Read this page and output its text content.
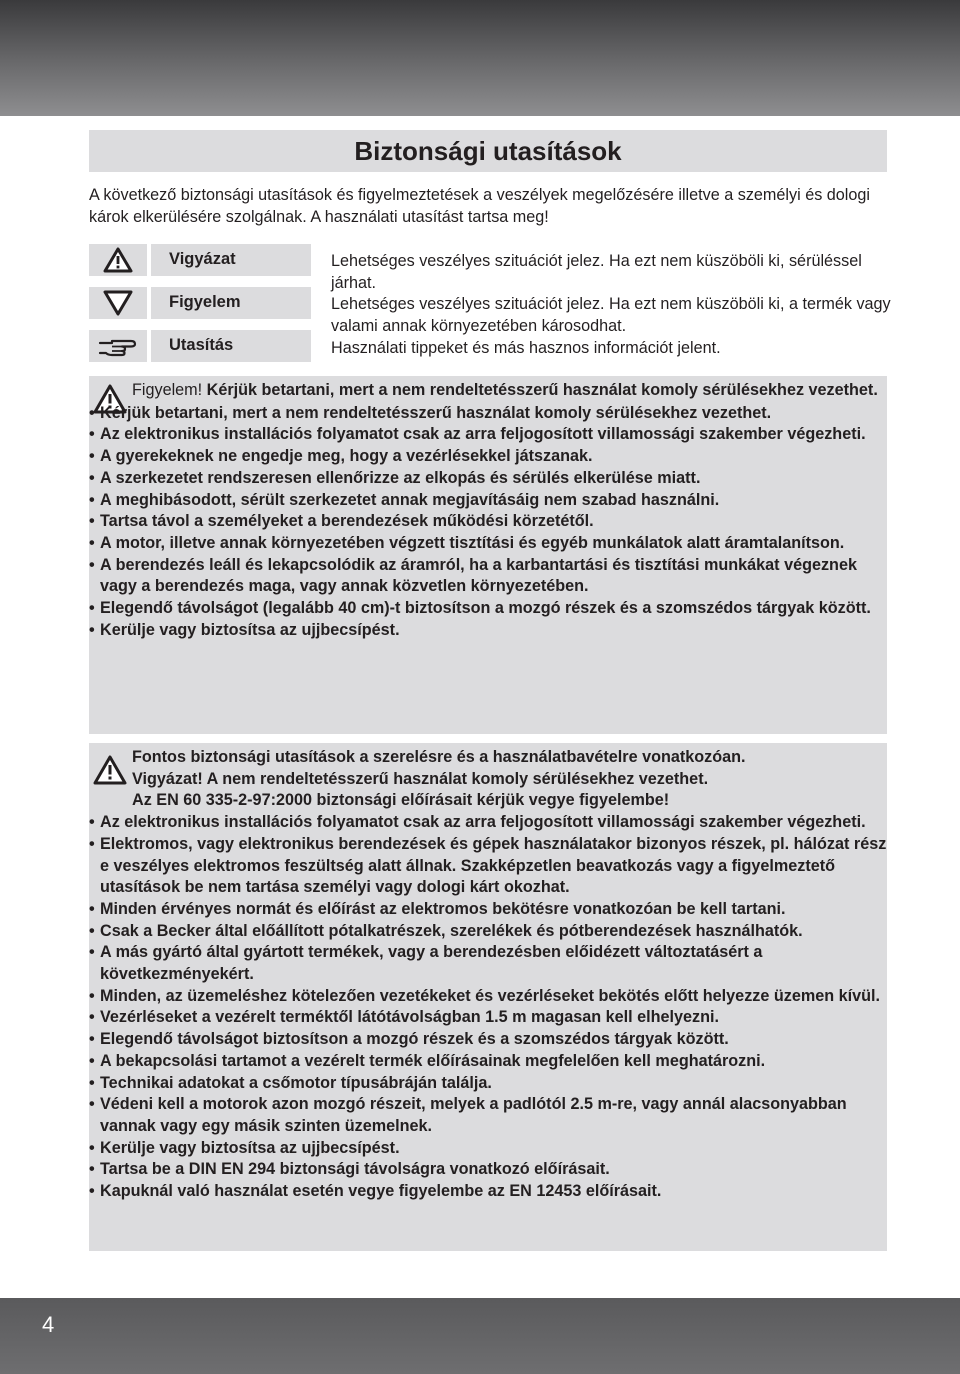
Biztonsági utasítások
A következő biztonsági utasítások és figyelmeztetések a veszélyek megelőzésére illetve a személyi és dologi károk elkerülésére szolgálnak. A használati utasítást tartsa meg!
Vigyázat	Lehetséges veszélyes szituációt jelez. Ha ezt nem küszöböli ki, sérüléssel járhat.
Figyelem	Lehetséges veszélyes szituációt jelez. Ha ezt nem küszöböli ki, a termék vagy valami annak környezetében károsodhat.
Utasítás	Használati tippeket és más hasznos információt jelent.
Figyelem! Kérjük betartani, mert a nem rendeltetésszerű használat komoly sérülésekhez vezethet.
• Kérjük betartani, mert a nem rendeltetésszerű használat komoly sérülésekhez vezethet.
• Az elektronikus installációs folyamatot csak az arra feljogosított villamossági szakember végezheti.
• A gyerekeknek ne engedje meg, hogy a vezérlésekkel játszanak.
• A szerkezetet rendszeresen ellenőrizze az elkopás és sérülés elkerülése miatt.
• A meghibásodott, sérült szerkezetet annak megjavításáig nem szabad használni.
• Tartsa távol a személyeket a berendezések működési körzetétől.
• A motor, illetve annak környezetében végzett tisztítási és egyéb munkálatok alatt áramtalanítson.
• A berendezés leáll és lekapcsolódik az áramról, ha a karbantartási és tisztítási munkákat végeznek vagy a berendezés maga, vagy annak közvetlen környezetében.
• Elegendő távolságot (legalább 40 cm)-t biztosítson a mozgó részek és a szomszédos tárgyak között.
• Kerülje vagy biztosítsa az ujjbecsípést.
Fontos biztonsági utasítások a szerelésre és a használatbavételre vonatkozóan.
Vigyázat! A nem rendeltetésszerű használat komoly sérülésekhez vezethet.
Az EN 60 335-2-97:2000 biztonsági előírásait kérjük vegye figyelembe!
• Az elektronikus installációs folyamatot csak az arra feljogosított villamossági szakember végezheti.
• Elektromos, vagy elektronikus berendezések és gépek használatakor bizonyos részek, pl. hálózat rész e veszélyes elektromos feszültség alatt állnak. Szakképzetlen beavatkozás vagy a figyelmeztető utasítások be nem tartása személyi vagy dologi kárt okozhat.
• Minden érvényes normát és előírást az elektromos bekötésre vonatkozóan be kell tartani.
• Csak a Becker által előállított pótalkatrészek, szerelékek és pótberendezések használhatók.
• A más gyártó által gyártott termékek, vagy a berendezésben előidézett változtatásért a következményekért.
• Minden, az üzemeléshez kötelezően vezetékeket és vezérléseket bekötés előtt helyezze üzemen kívül.
• Vezérléseket a vezérelt terméktől látótávolságban 1.5 m magasan kell elhelyezni.
• Elegendő távolságot biztosítson a mozgó részek és a szomszédos tárgyak között.
• A bekapcsolási tartamot a vezérelt termék előírásainak megfelelően kell meghatározni.
• Technikai adatokat a csőmotor típusábráján találja.
• Védeni kell a motorok azon mozgó részeit, melyek a padlótól 2.5 m-re, vagy annál alacsonyabban vannak vagy egy másik szinten üzemelnek.
• Kerülje vagy biztosítsa az ujjbecsípést.
• Tartsa be a DIN EN 294 biztonsági távolságra vonatkozó előírásait.
• Kapuknál való használat esetén vegye figyelembe az EN 12453 előírásait.
4
